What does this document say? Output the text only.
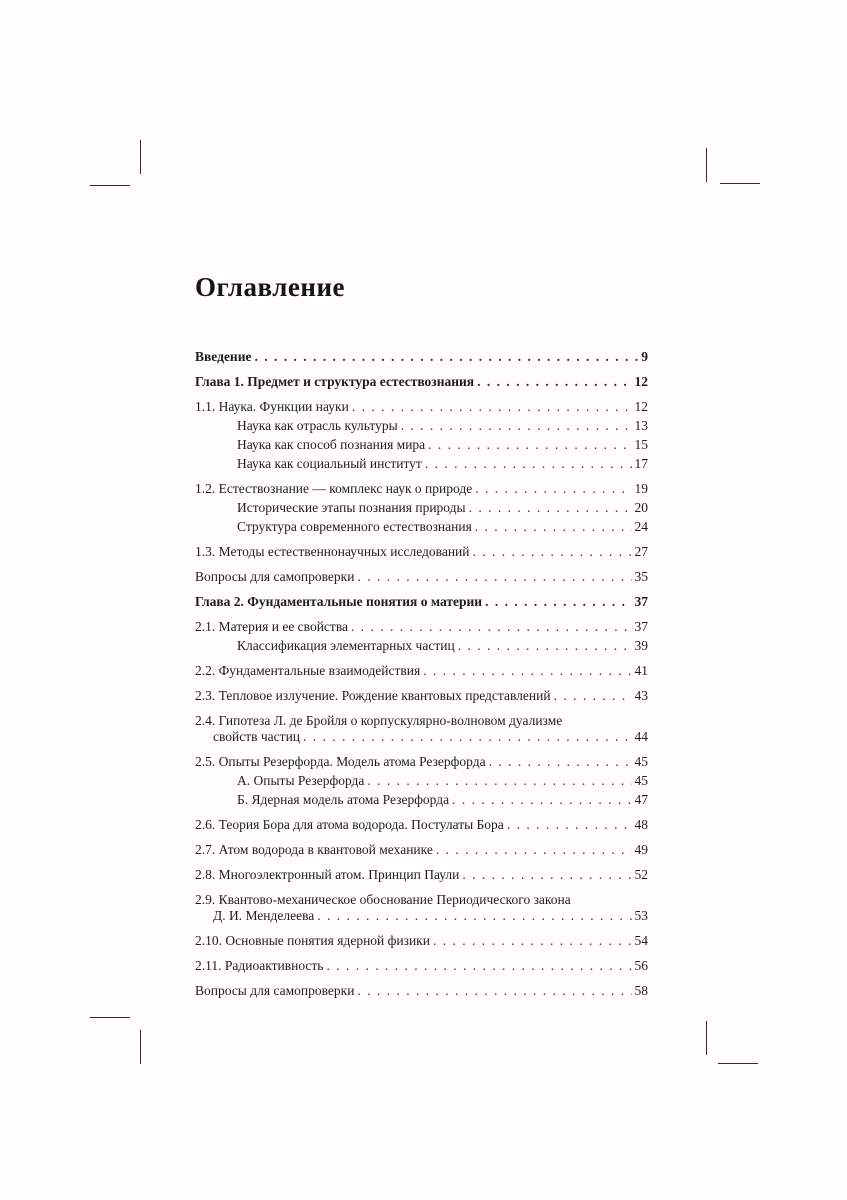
Оглавление
Введение . . .	9
Глава 1. Предмет и структура естествознания . . .	12
1.1. Наука. Функции науки . . .	12
Наука как отрасль культуры . . .	13
Наука как способ познания мира . . .	15
Наука как социальный институт . . .	17
1.2. Естествознание — комплекс наук о природе . . .	19
Исторические этапы познания природы . . .	20
Структура современного естествознания . . .	24
1.3. Методы естественнонаучных исследований . . .	27
Вопросы для самопроверки . . .	35
Глава 2. Фундаментальные понятия о материи . . .	37
2.1. Материя и ее свойства . . .	37
Классификация элементарных частиц . . .	39
2.2. Фундаментальные взаимодействия . . .	41
2.3. Тепловое излучение. Рождение квантовых представлений . . .	43
2.4. Гипотеза Л. де Бройля о корпускулярно-волновом дуализме
свойств частиц . . .	44
2.5. Опыты Резерфорда. Модель атома Резерфорда . . .	45
А. Опыты Резерфорда . . .	45
Б. Ядерная модель атома Резерфорда . . .	47
2.6. Теория Бора для атома водорода. Постулаты Бора . . .	48
2.7. Атом водорода в квантовой механике . . .	49
2.8. Многоэлектронный атом. Принцип Паули . . .	52
2.9. Квантово-механическое обоснование Периодического закона
Д. И. Менделеева . . .	53
2.10. Основные понятия ядерной физики . . .	54
2.11. Радиоактивность . . .	56
Вопросы для самопроверки . . .	58
